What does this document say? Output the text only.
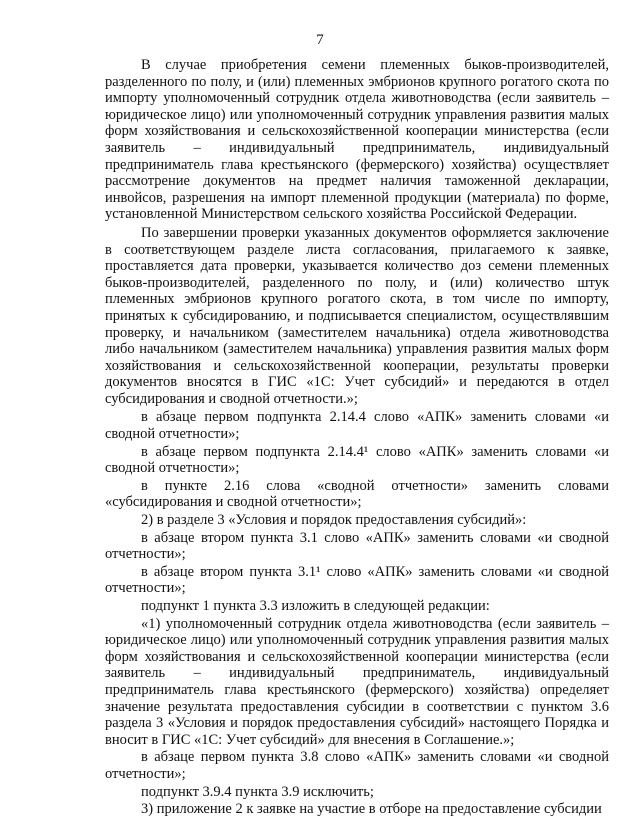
7

В случае приобретения семени племенных быков-производителей, разделенного по полу, и (или) племенных эмбрионов крупного рогатого скота по импорту уполномоченный сотрудник отдела животноводства (если заявитель – юридическое лицо) или уполномоченный сотрудник управления развития малых форм хозяйствования и сельскохозяйственной кооперации министерства (если заявитель – индивидуальный предприниматель, индивидуальный предприниматель глава крестьянского (фермерского) хозяйства) осуществляет рассмотрение документов на предмет наличия таможенной декларации, инвойсов, разрешения на импорт племенной продукции (материала) по форме, установленной Министерством сельского хозяйства Российской Федерации.

По завершении проверки указанных документов оформляется заключение в соответствующем разделе листа согласования, прилагаемого к заявке, проставляется дата проверки, указывается количество доз семени племенных быков-производителей, разделенного по полу, и (или) количество штук племенных эмбрионов крупного рогатого скота, в том числе по импорту, принятых к субсидированию, и подписывается специалистом, осуществлявшим проверку, и начальником (заместителем начальника) отдела животноводства либо начальником (заместителем начальника) управления развития малых форм хозяйствования и сельскохозяйственной кооперации, результаты проверки документов вносятся в ГИС «1С: Учет субсидий» и передаются в отдел субсидирования и сводной отчетности.»;

в абзаце первом подпункта 2.14.4 слово «АПК» заменить словами «и сводной отчетности»;

в абзаце первом подпункта 2.14.4¹ слово «АПК» заменить словами «и сводной отчетности»;

в пункте 2.16 слова «сводной отчетности» заменить словами «субсидирования и сводной отчетности»;

2) в разделе 3 «Условия и порядок предоставления субсидий»:

в абзаце втором пункта 3.1 слово «АПК» заменить словами «и сводной отчетности»;

в абзаце втором пункта 3.1¹ слово «АПК» заменить словами «и сводной отчетности»;

подпункт 1 пункта 3.3 изложить в следующей редакции:

«1) уполномоченный сотрудник отдела животноводства (если заявитель – юридическое лицо) или уполномоченный сотрудник управления развития малых форм хозяйствования и сельскохозяйственной кооперации министерства (если заявитель – индивидуальный предприниматель, индивидуальный предприниматель глава крестьянского (фермерского) хозяйства) определяет значение результата предоставления субсидии в соответствии с пунктом 3.6 раздела 3 «Условия и порядок предоставления субсидий» настоящего Порядка и вносит в ГИС «1С: Учет субсидий» для внесения в Соглашение.»;

в абзаце первом пункта 3.8 слово «АПК» заменить словами «и сводной отчетности»;

подпункт 3.9.4 пункта 3.9 исключить;

3) приложение 2 к заявке на участие в отборе на предоставление субсидии
